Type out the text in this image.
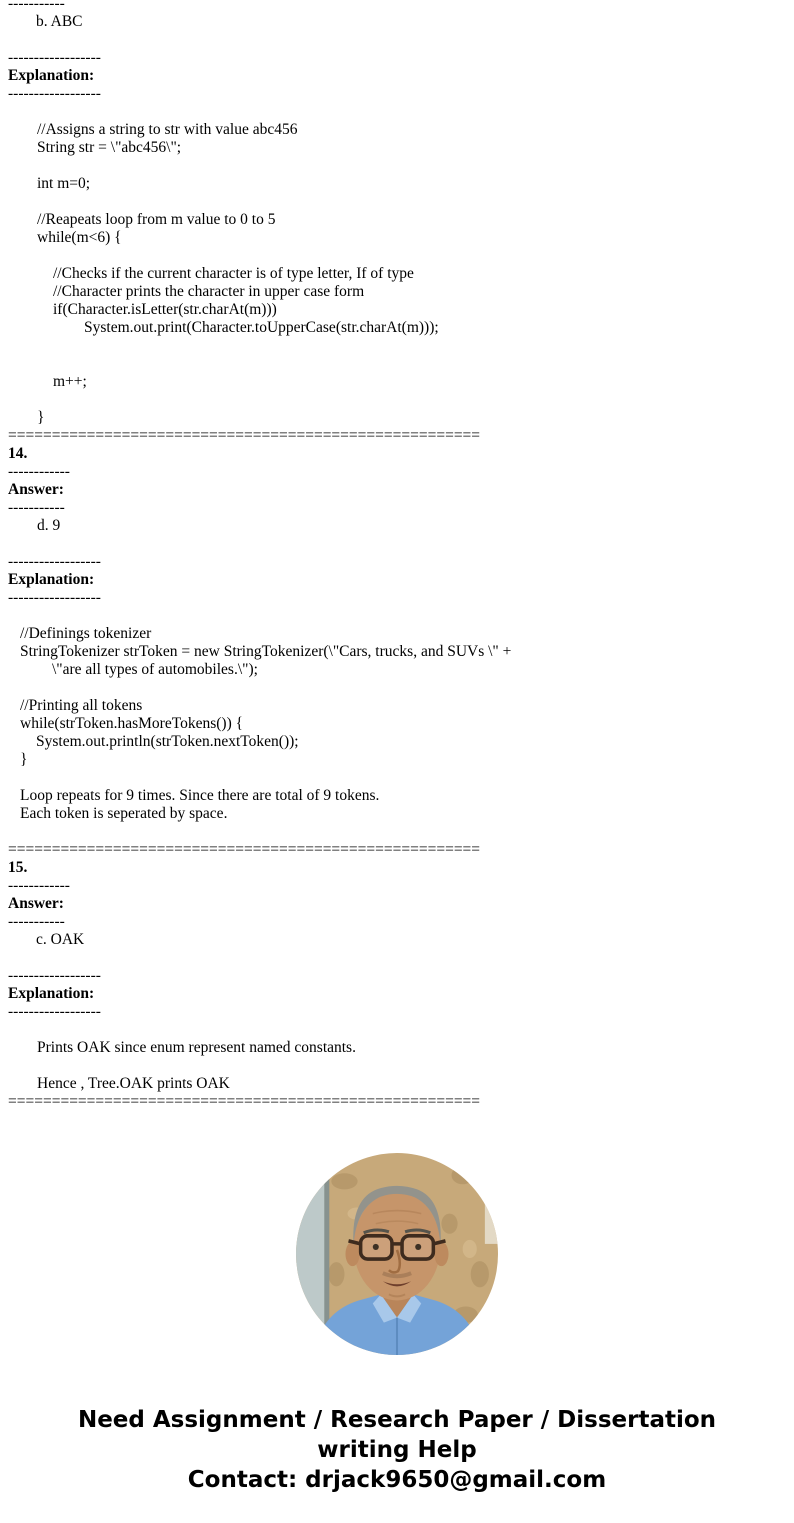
-----------
b. ABC

------------------
Explanation:
------------------

//Assigns a string to str with value abc456
String str = \"abc456\";

int m=0;

//Reapeats loop from m value to 0 to 5
while(m<6) {

//Checks if the current character is of type letter, If of type
//Character prints the character in upper case form
if(Character.isLetter(str.charAt(m)))
System.out.print(Character.toUpperCase(str.charAt(m)));

m++;

}
======================================================
14.
------------
Answer:
-----------
d. 9

------------------
Explanation:
------------------

//Definings tokenizer
StringTokenizer strToken = new StringTokenizer(\"Cars, trucks, and SUVs \" +
\"are all types of automobiles.\");

//Printing all tokens
while(strToken.hasMoreTokens()) {
System.out.println(strToken.nextToken());
}

Loop repeats for 9 times. Since there are total of 9 tokens.
Each token is seperated by space.

======================================================
15.
------------
Answer:
-----------
c. OAK

------------------
Explanation:
------------------

Prints OAK since enum represent named constants.

Hence , Tree.OAK prints OAK
======================================================
Need Assignment / Research Paper / Dissertation
writing Help
Contact: drjack9650@gmail.com
